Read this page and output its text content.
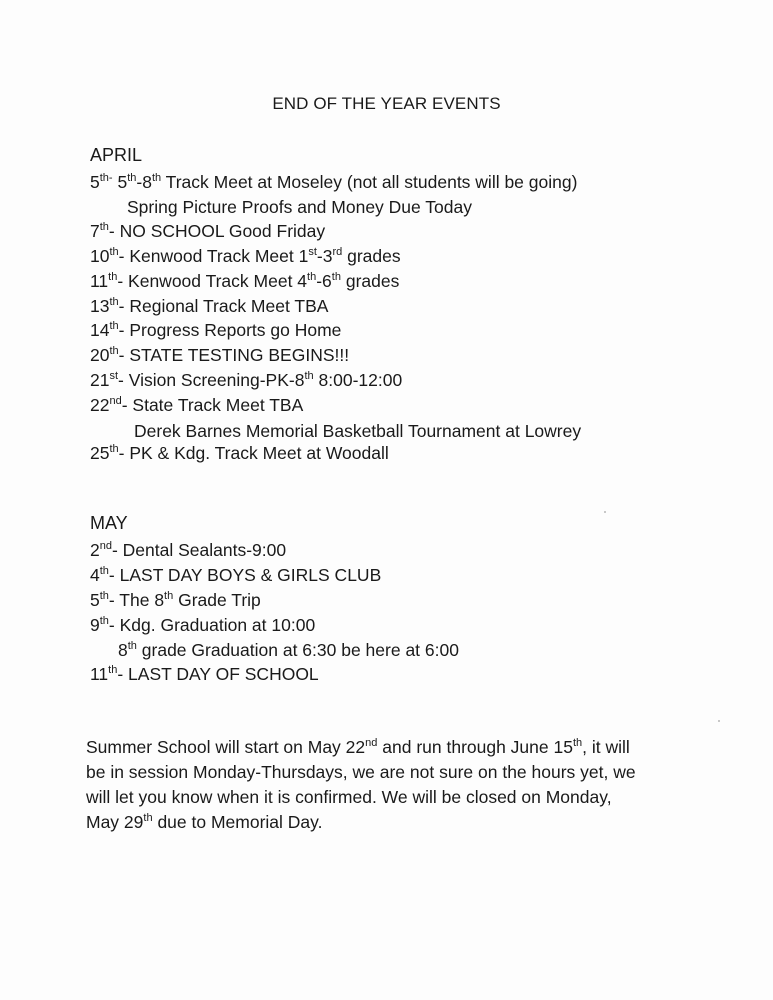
END OF THE YEAR EVENTS
APRIL
$5^{th-}$ 5th-8th Track Meet at Moseley (not all students will be going)
Spring Picture Proofs and Money Due Today
7th- NO SCHOOL Good Friday
10th- Kenwood Track Meet 1st-3rd grades
11th- Kenwood Track Meet 4th-6th grades
13th- Regional Track Meet TBA
14th- Progress Reports go Home
20th- STATE TESTING BEGINS!!!
21st- Vision Screening-PK-8th 8:00-12:00
22nd- State Track Meet TBA
Derek Barnes Memorial Basketball Tournament at Lowrey
25th- PK & Kdg. Track Meet at Woodall
MAY
2nd- Dental Sealants-9:00
4th- LAST DAY BOYS & GIRLS CLUB
5th- The 8th Grade Trip
9th- Kdg. Graduation at 10:00
8th grade Graduation at 6:30 be here at 6:00
11th- LAST DAY OF SCHOOL
Summer School will start on May 22nd and run through June 15th, it will
be in session Monday-Thursdays, we are not sure on the hours yet, we
will let you know when it is confirmed. We will be closed on Monday,
May 29th due to Memorial Day.
